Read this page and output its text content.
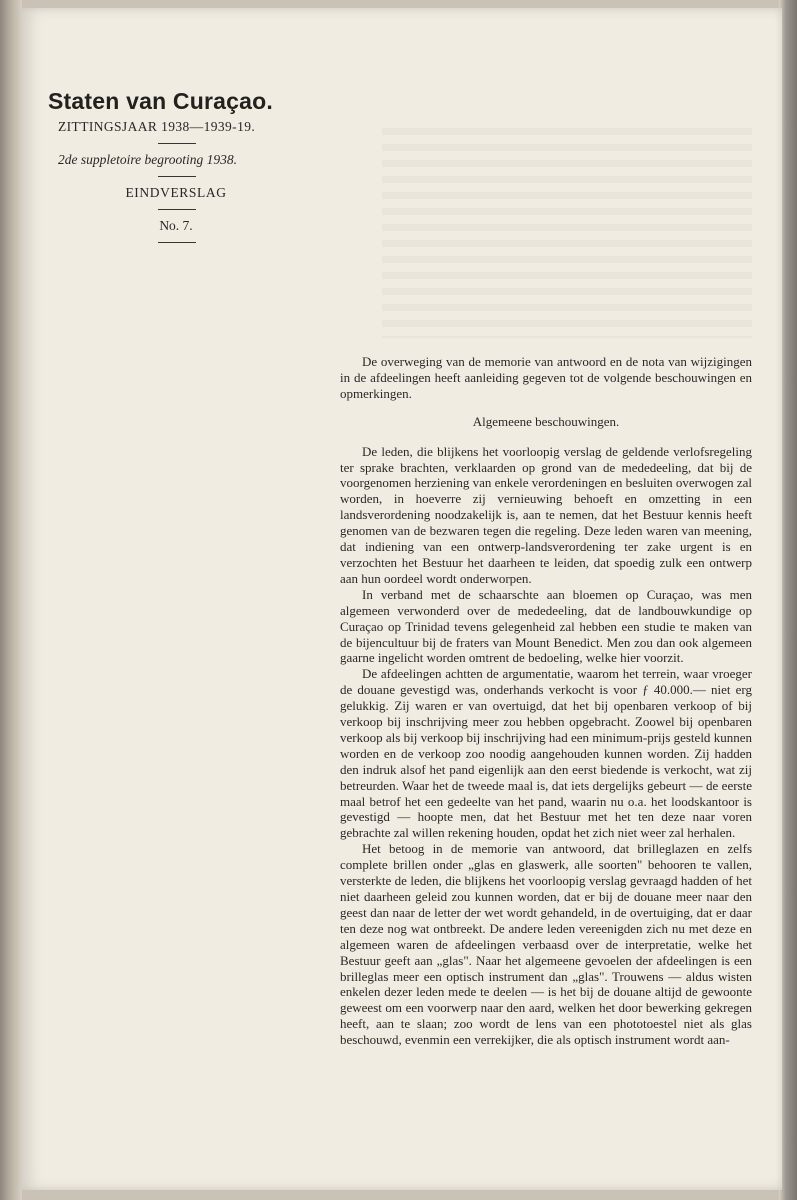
Staten van Curaçao.
ZITTINGSJAAR 1938—1939-19.
2de suppletoire begrooting 1938.
EINDVERSLAG
No. 7.

De overweging van de memorie van antwoord en de nota van wijzigingen in de afdeelingen heeft aanleiding gegeven tot de volgende beschouwingen en opmerkingen.

Algemeene beschouwingen.

De leden, die blijkens het voorloopig verslag de geldende verlofsregeling ter sprake brachten, verklaarden op grond van de mededeeling, dat bij de voorgenomen herziening van enkele verordeningen en besluiten overwogen zal worden, in hoeverre zij vernieuwing behoeft en omzetting in een landsverordening noodzakelijk is, aan te nemen, dat het Bestuur kennis heeft genomen van de bezwaren tegen die regeling. Deze leden waren van meening, dat indiening van een ontwerp-landsverordening ter zake urgent is en verzochten het Bestuur het daarheen te leiden, dat spoedig zulk een ontwerp aan hun oordeel wordt onderworpen.

In verband met de schaarschte aan bloemen op Curaçao, was men algemeen verwonderd over de mededeeling, dat de landbouwkundige op Curaçao op Trinidad tevens gelegenheid zal hebben een studie te maken van de bijencultuur bij de fraters van Mount Benedict. Men zou dan ook algemeen gaarne ingelicht worden omtrent de bedoeling, welke hier voorzit.

De afdeelingen achtten de argumentatie, waarom het terrein, waar vroeger de douane gevestigd was, onderhands verkocht is voor ƒ 40.000.— niet erg gelukkig. Zij waren er van overtuigd, dat het bij openbaren verkoop of bij verkoop bij inschrijving meer zou hebben opgebracht. Zoowel bij openbaren verkoop als bij verkoop bij inschrijving had een minimum-prijs gesteld kunnen worden en de verkoop zoo noodig aangehouden kunnen worden. Zij hadden den indruk alsof het pand eigenlijk aan den eerst biedende is verkocht, wat zij betreurden. Waar het de tweede maal is, dat iets dergelijks gebeurt — de eerste maal betrof het een gedeelte van het pand, waarin nu o.a. het loodskantoor is gevestigd — hoopte men, dat het Bestuur met het ten deze naar voren gebrachte zal willen rekening houden, opdat het zich niet weer zal herhalen.

Het betoog in de memorie van antwoord, dat brilleglazen en zelfs complete brillen onder „glas en glaswerk, alle soorten" behooren te vallen, versterkte de leden, die blijkens het voorloopig verslag gevraagd hadden of het niet daarheen geleid zou kunnen worden, dat er bij de douane meer naar den geest dan naar de letter der wet wordt gehandeld, in de overtuiging, dat er daar ten deze nog wat ontbreekt. De andere leden vereenigden zich nu met deze en algemeen waren de afdeelingen verbaasd over de interpretatie, welke het Bestuur geeft aan „glas". Naar het algemeene gevoelen der afdeelingen is een brilleglas meer een optisch instrument dan „glas". Trouwens — aldus wisten enkelen dezer leden mede te deelen — is het bij de douane altijd de gewoonte geweest om een voorwerp naar den aard, welken het door bewerking gekregen heeft, aan te slaan; zoo wordt de lens van een phototoestel niet als glas beschouwd, evenmin een verrekijker, die als optisch instrument wordt aan-
